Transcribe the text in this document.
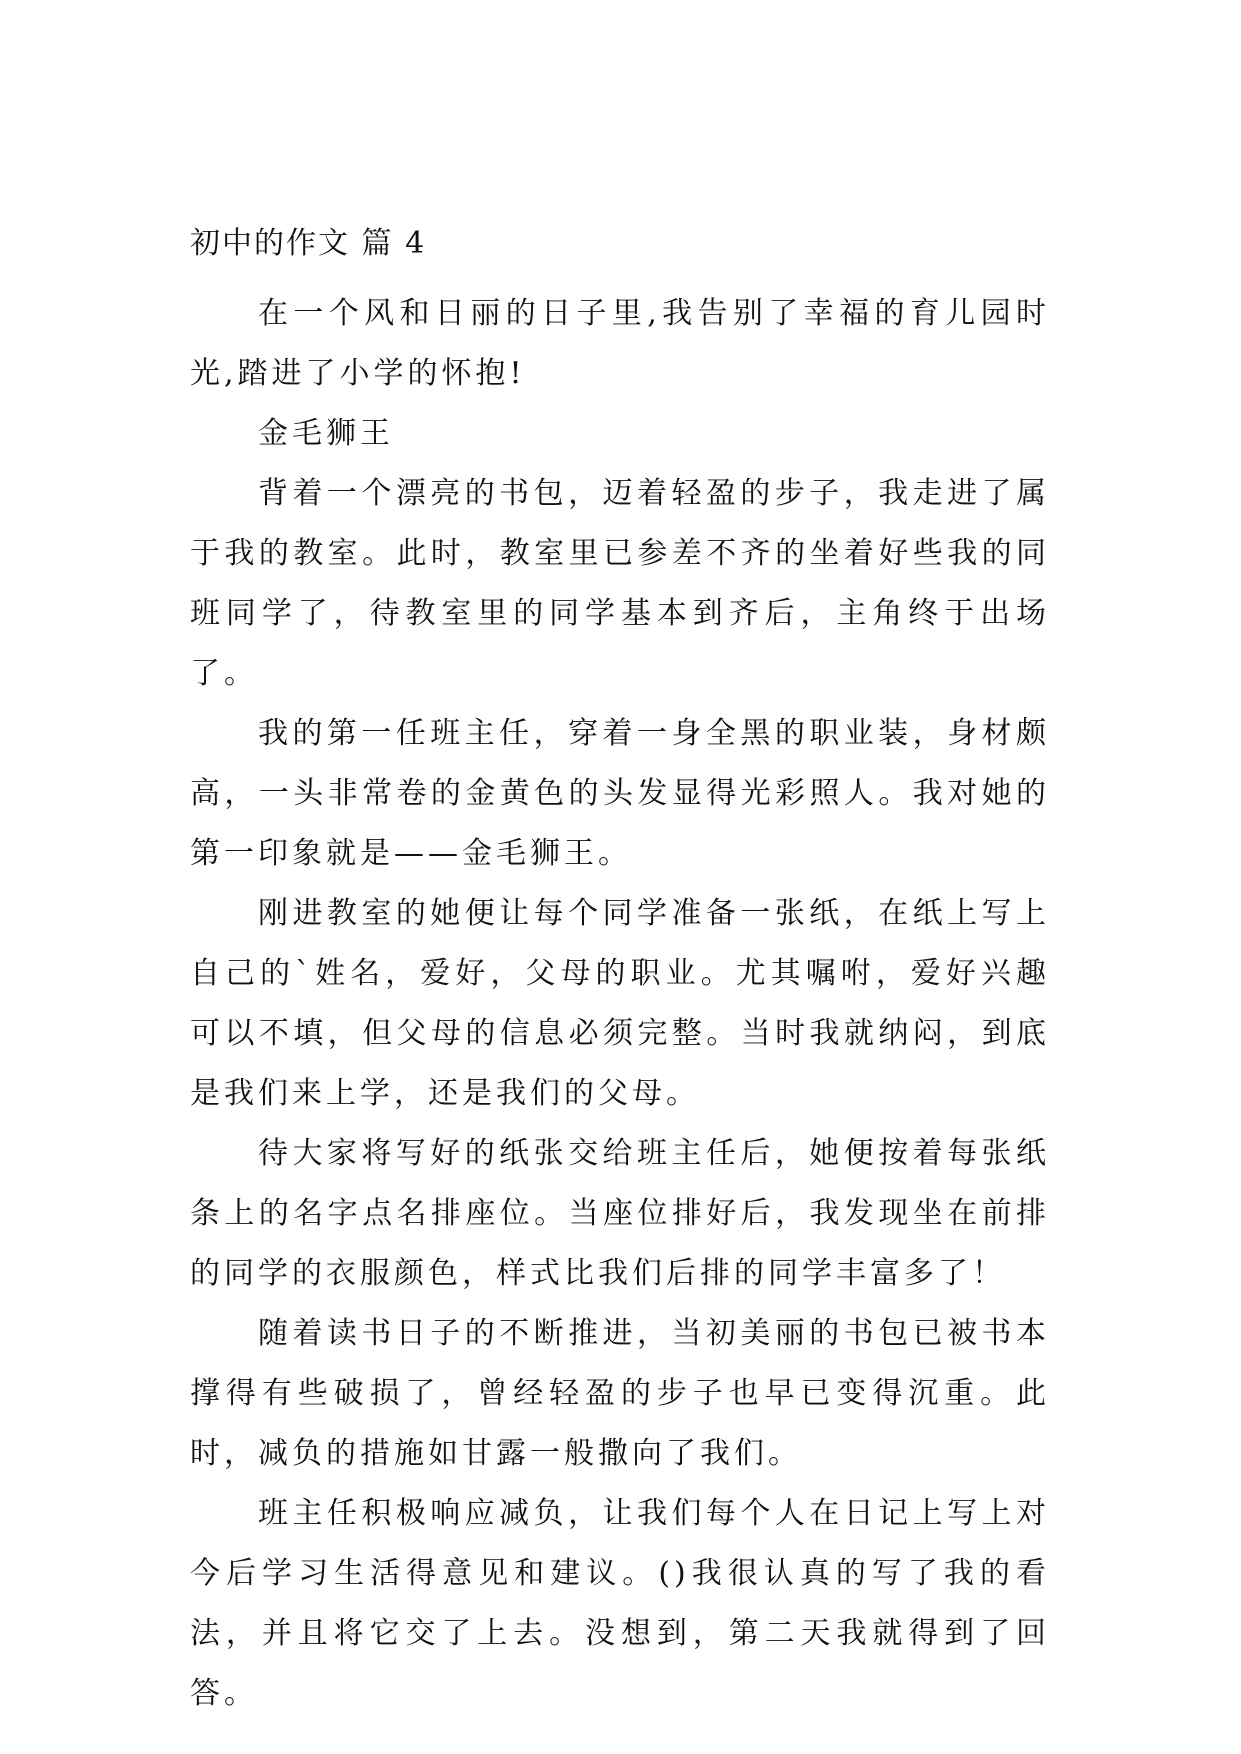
初中的作文 篇 4

在一个风和日丽的日子里,我告别了幸福的育儿园时光,踏进了小学的怀抱!

金毛狮王

背着一个漂亮的书包，迈着轻盈的步子，我走进了属于我的教室。此时，教室里已参差不齐的坐着好些我的同班同学了，待教室里的同学基本到齐后，主角终于出场了。

我的第一任班主任，穿着一身全黑的职业装，身材颇高，一头非常卷的金黄色的头发显得光彩照人。我对她的第一印象就是——金毛狮王。

刚进教室的她便让每个同学准备一张纸，在纸上写上自己的`姓名，爱好，父母的职业。尤其嘱咐，爱好兴趣可以不填，但父母的信息必须完整。当时我就纳闷，到底是我们来上学，还是我们的父母。

待大家将写好的纸张交给班主任后，她便按着每张纸条上的名字点名排座位。当座位排好后，我发现坐在前排的同学的衣服颜色，样式比我们后排的同学丰富多了！

随着读书日子的不断推进，当初美丽的书包已被书本撑得有些破损了，曾经轻盈的步子也早已变得沉重。此时，减负的措施如甘露一般撒向了我们。

班主任积极响应减负，让我们每个人在日记上写上对今后学习生活得意见和建议。()我很认真的写了我的看法，并且将它交了上去。没想到，第二天我就得到了回答。
